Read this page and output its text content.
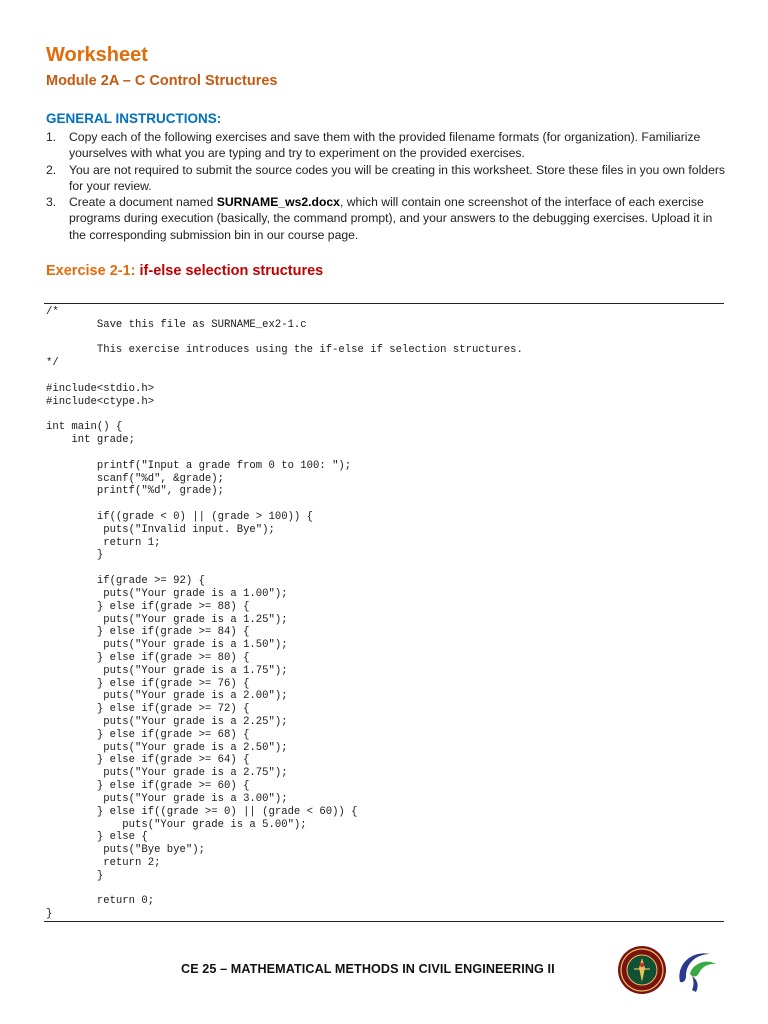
Worksheet
Module 2A – C Control Structures
GENERAL INSTRUCTIONS:
1. Copy each of the following exercises and save them with the provided filename formats (for organization). Familiarize yourselves with what you are typing and try to experiment on the provided exercises.
2. You are not required to submit the source codes you will be creating in this worksheet. Store these files in you own folders for your review.
3. Create a document named SURNAME_ws2.docx, which will contain one screenshot of the interface of each exercise programs during execution (basically, the command prompt), and your answers to the debugging exercises. Upload it in the corresponding submission bin in our course page.
Exercise 2-1: if-else selection structures
/*
Save this file as SURNAME_ex2-1.c

This exercise introduces using the if-else if selection structures.
*/

#include<stdio.h>
#include<ctype.h>

int main() {
int grade;

printf("Input a grade from 0 to 100: ");
scanf("%d", &grade);
printf("%d", grade);

if((grade < 0) || (grade > 100)) {
puts("Invalid input. Bye");
return 1;
}

if(grade >= 92) {
puts("Your grade is a 1.00");
} else if(grade >= 88) {
puts("Your grade is a 1.25");
} else if(grade >= 84) {
puts("Your grade is a 1.50");
} else if(grade >= 80) {
puts("Your grade is a 1.75");
} else if(grade >= 76) {
puts("Your grade is a 2.00");
} else if(grade >= 72) {
puts("Your grade is a 2.25");
} else if(grade >= 68) {
puts("Your grade is a 2.50");
} else if(grade >= 64) {
puts("Your grade is a 2.75");
} else if(grade >= 60) {
puts("Your grade is a 3.00");
} else if((grade >= 0) || (grade < 60)) {
puts("Your grade is a 5.00");
} else {
puts("Bye bye");
return 2;
}

return 0;
}
CE 25 – MATHEMATICAL METHODS IN CIVIL ENGINEERING II
